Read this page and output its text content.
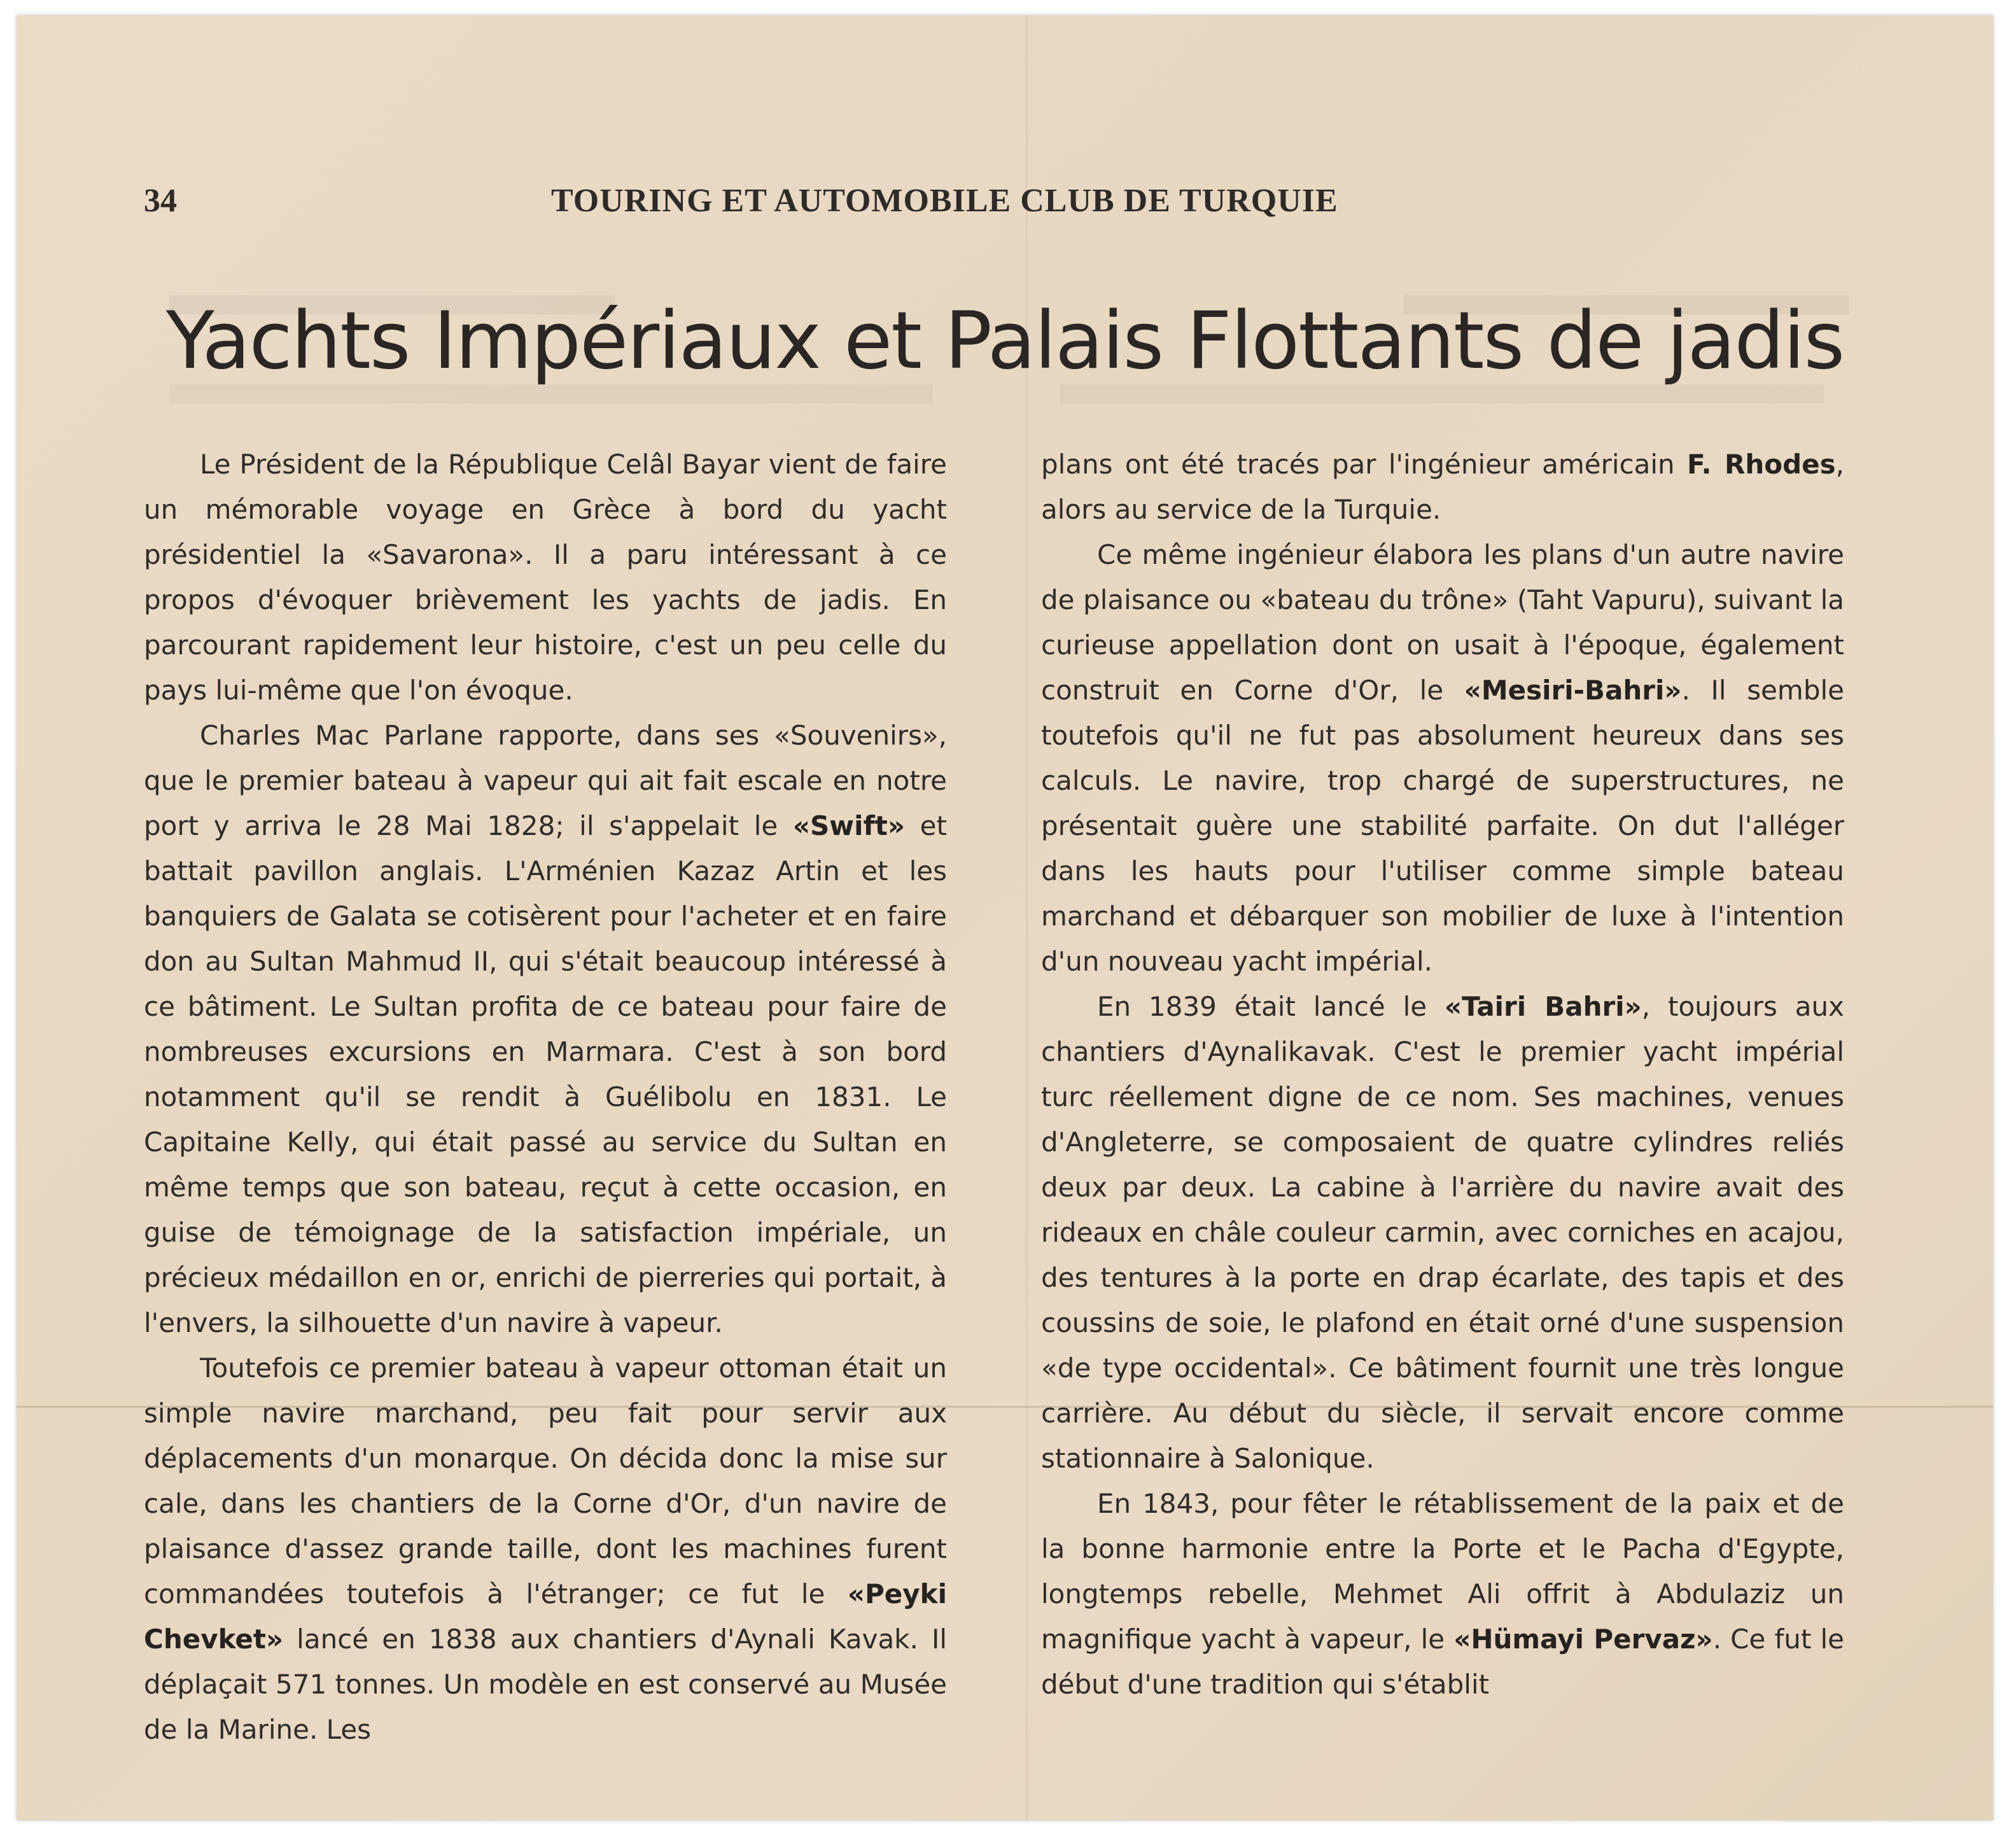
34	TOURING ET AUTOMOBILE CLUB DE TURQUIE
Yachts Impériaux et Palais Flottants de jadis

Le Président de la République Celâl Bayar vient de faire un mémorable voyage en Grèce à bord du yacht présidentiel la «Savarona». Il a paru intéressant à ce propos d'évoquer brièvement les yachts de jadis. En parcourant rapidement leur histoire, c'est un peu celle du pays lui-même que l'on évoque.

Charles Mac Parlane rapporte, dans ses «Souvenirs», que le premier bateau à vapeur qui ait fait escale en notre port y arriva le 28 Mai 1828; il s'appelait le «Swift» et battait pavillon anglais. L'Arménien Kazaz Artin et les banquiers de Galata se cotisèrent pour l'acheter et en faire don au Sultan Mahmud II, qui s'était beaucoup intéressé à ce bâtiment. Le Sultan profita de ce bateau pour faire de nombreuses excursions en Marmara. C'est à son bord notamment qu'il se rendit à Guélibolu en 1831. Le Capitaine Kelly, qui était passé au service du Sultan en même temps que son bateau, reçut à cette occasion, en guise de témoignage de la satisfaction impériale, un précieux médaillon en or, enrichi de pierreries qui portait, à l'envers, la silhouette d'un navire à vapeur.

Toutefois ce premier bateau à vapeur ottoman était un simple navire marchand, peu fait pour servir aux déplacements d'un monarque. On décida donc la mise sur cale, dans les chantiers de la Corne d'Or, d'un navire de plaisance d'assez grande taille, dont les machines furent commandées toutefois à l'étranger; ce fut le «Peyki Chevket» lancé en 1838 aux chantiers d'Aynali Kavak. Il déplaçait 571 tonnes. Un modèle en est conservé au Musée de la Marine. Les

plans ont été tracés par l'ingénieur américain F. Rhodes, alors au service de la Turquie.

Ce même ingénieur élabora les plans d'un autre navire de plaisance ou «bateau du trône» (Taht Vapuru), suivant la curieuse appellation dont on usait à l'époque, également construit en Corne d'Or, le «Mesiri-Bahri». Il semble toutefois qu'il ne fut pas absolument heureux dans ses calculs. Le navire, trop chargé de superstructures, ne présentait guère une stabilité parfaite. On dut l'alléger dans les hauts pour l'utiliser comme simple bateau marchand et débarquer son mobilier de luxe à l'intention d'un nouveau yacht impérial.

En 1839 était lancé le «Tairi Bahri», toujours aux chantiers d'Aynalikavak. C'est le premier yacht impérial turc réellement digne de ce nom. Ses machines, venues d'Angleterre, se composaient de quatre cylindres reliés deux par deux. La cabine à l'arrière du navire avait des rideaux en châle couleur carmin, avec corniches en acajou, des tentures à la porte en drap écarlate, des tapis et des coussins de soie, le plafond en était orné d'une suspension «de type occidental». Ce bâtiment fournit une très longue carrière. Au début du siècle, il servait encore comme stationnaire à Salonique.

En 1843, pour fêter le rétablissement de la paix et de la bonne harmonie entre la Porte et le Pacha d'Egypte, longtemps rebelle, Mehmet Ali offrit à Abdulaziz un magnifique yacht à vapeur, le «Hümayi Pervaz». Ce fut le début d'une tradition qui s'établit
